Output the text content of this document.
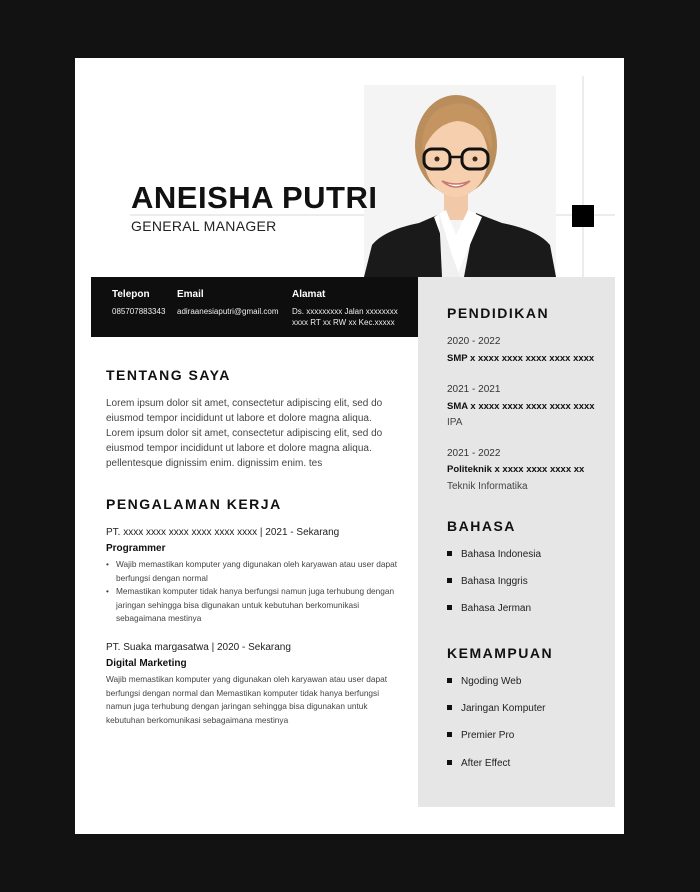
ANEISHA PUTRI
GENERAL MANAGER
Telepon
085707883343
Email
adiraanesiaputri@gmail.com
Alamat
Ds. xxxxxxxxx Jalan xxxxxxxx
xxxx RT xx RW xx Kec.xxxxx
TENTANG SAYA
Lorem ipsum dolor sit amet, consectetur adipiscing elit, sed do eiusmod tempor incididunt ut labore et dolore magna aliqua. Lorem ipsum dolor sit amet, consectetur adipiscing elit, sed do eiusmod tempor incididunt ut labore et dolore magna aliqua. pellentesque dignissim enim. dignissim enim. tes
PENGALAMAN KERJA
PT. xxxx xxxx xxxx xxxx xxxx xxxx | 2021 - Sekarang
Programmer
• Wajib memastikan komputer yang digunakan oleh karyawan atau user dapat berfungsi dengan normal
• Memastikan komputer tidak hanya berfungsi namun juga terhubung dengan jaringan sehingga bisa digunakan untuk kebutuhan berkomunikasi sebagaimana mestinya
PT. Suaka margasatwa | 2020 - Sekarang
Digital Marketing
Wajib memastikan komputer yang digunakan oleh karyawan atau user dapat berfungsi dengan normal dan Memastikan komputer tidak hanya berfungsi namun juga terhubung dengan jaringan sehingga bisa digunakan untuk kebutuhan berkomunikasi sebagaimana mestinya
PENDIDIKAN
2020 - 2022
SMP x xxxx xxxx xxxx xxxx xxxx
2021 - 2021
SMA x xxxx xxxx xxxx xxxx xxxx
IPA
2021 - 2022
Politeknik x xxxx xxxx xxxx xx
Teknik Informatika
BAHASA
Bahasa Indonesia
Bahasa Inggris
Bahasa Jerman
KEMAMPUAN
Ngoding Web
Jaringan Komputer
Premier Pro
After Effect
